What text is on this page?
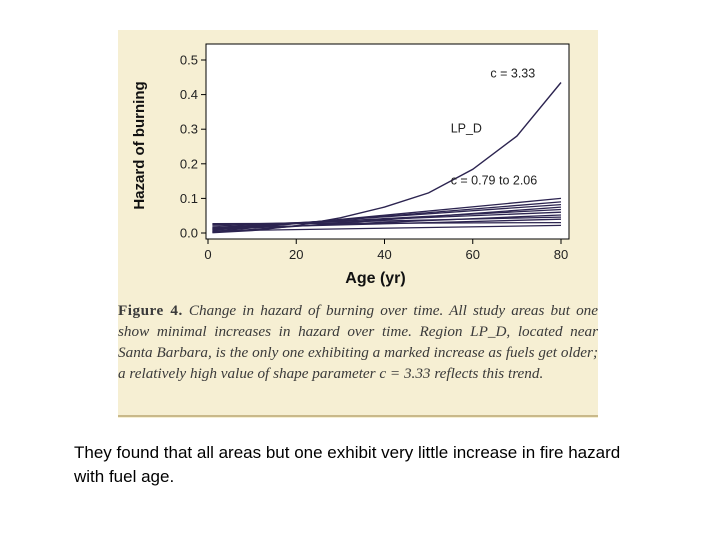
0	20	40	60	80
0.0
0.1
0.2
0.3
0.4
0.5
Age (yr)
Hazard of burning
c = 3.33
LP_D
c = 0.79 to 2.06
Figure 4. Change in hazard of burning over time. All study areas but one show minimal increases in hazard over time. Region LP_D, located near Santa Barbara, is the only one exhibiting a marked increase as fuels get older; a relatively high value of shape parameter c = 3.33 reflects this trend.
They found that all areas but one exhibit very little increase in fire hazard with fuel age.
